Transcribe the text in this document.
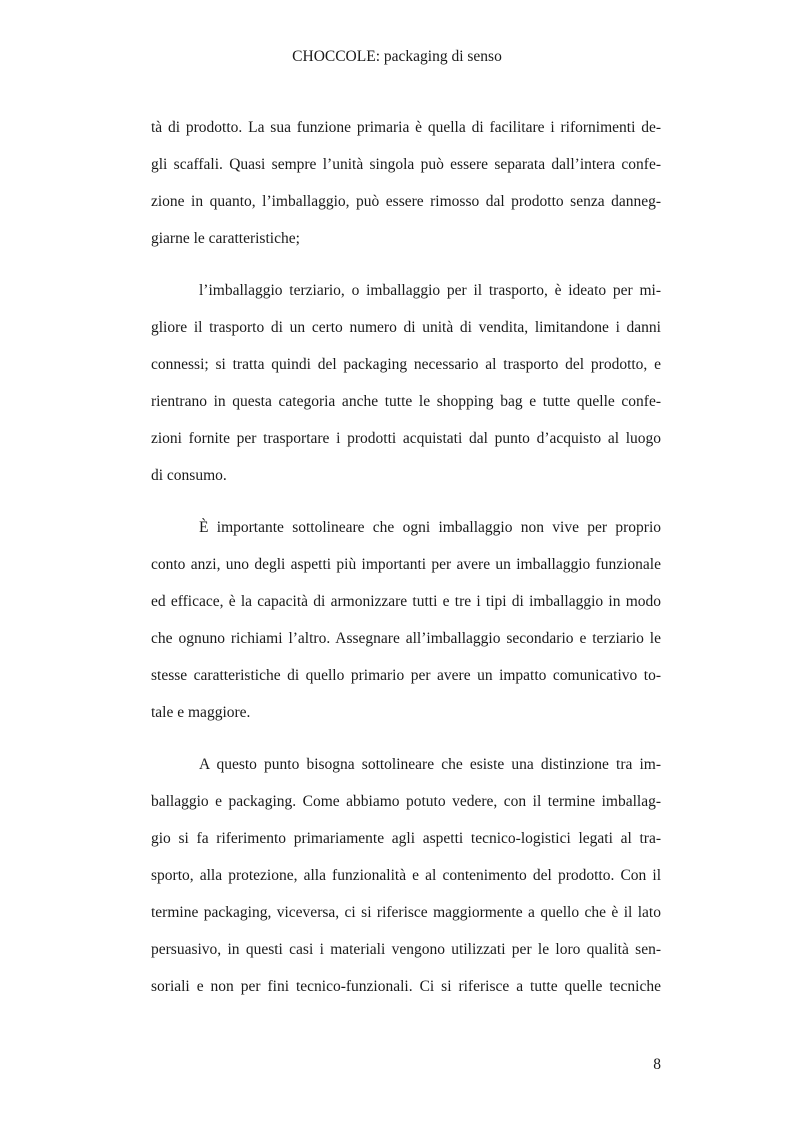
CHOCCOLE: packaging di senso
tà di prodotto. La sua funzione primaria è quella di facilitare i rifornimenti de-
gli scaffali. Quasi sempre l’unità singola può essere separata dall’intera confe-
zione in quanto, l’imballaggio, può essere rimosso dal prodotto senza danneg-
giarne le caratteristiche;
l’imballaggio terziario, o imballaggio per il trasporto, è ideato per mi-
gliore il trasporto di un certo numero di unità di vendita, limitandone i danni
connessi; si tratta quindi del packaging necessario al trasporto del prodotto, e
rientrano in questa categoria anche tutte le shopping bag e tutte quelle confe-
zioni fornite per trasportare i prodotti acquistati dal punto d’acquisto al luogo
di consumo.
È importante sottolineare che ogni imballaggio non vive per proprio
conto anzi, uno degli aspetti più importanti per avere un imballaggio funzionale
ed efficace, è la capacità di armonizzare tutti e tre i tipi di imballaggio in modo
che ognuno richiami l’altro. Assegnare all’imballaggio secondario e terziario le
stesse caratteristiche di quello primario per avere un impatto comunicativo to-
tale e maggiore.
A questo punto bisogna sottolineare che esiste una distinzione tra im-
ballaggio e packaging. Come abbiamo potuto vedere, con il termine imballag-
gio si fa riferimento primariamente agli aspetti tecnico-logistici legati al tra-
sporto, alla protezione, alla funzionalità e al contenimento del prodotto. Con il
termine packaging, viceversa, ci si riferisce maggiormente a quello che è il lato
persuasivo, in questi casi i materiali vengono utilizzati per le loro qualità sen-
soriali e non per fini tecnico-funzionali. Ci si riferisce a tutte quelle tecniche
8
